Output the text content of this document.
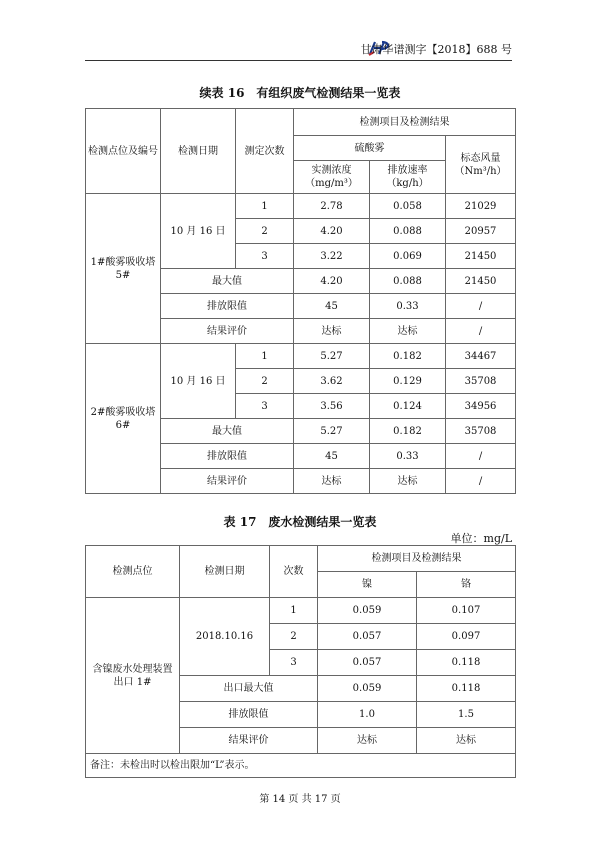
甘肃华谱测字【2018】688 号
续表 16　有组织废气检测结果一览表
检测点位及编号	检测日期	测定次数	检测项目及检测结果		
			硫酸雾		标态风量（Nm³/h）
			实测浓度（mg/m³）	排放速率（kg/h）	
1#酸雾吸收塔 5#	10 月 16 日	1	2.78	0.058	21029
		2	4.20	0.088	20957
		3	3.22	0.069	21450
	最大值		4.20	0.088	21450
	排放限值		45	0.33	/
	结果评价		达标	达标	/
2#酸雾吸收塔 6#	10 月 16 日	1	5.27	0.182	34467
		2	3.62	0.129	35708
		3	3.56	0.124	34956
	最大值		5.27	0.182	35708
	排放限值		45	0.33	/
	结果评价		达标	达标	/
表 17　废水检测结果一览表
单位：mg/L
检测点位	检测日期	次数	检测项目及检测结果	
			镍	铬
含镍废水处理装置出口 1#	2018.10.16	1	0.059	0.107
		2	0.057	0.097
		3	0.057	0.118
	出口最大值		0.059	0.118
	排放限值		1.0	1.5
	结果评价		达标	达标
备注：未检出时以检出限加“L”表示。				
第 14 页 共 17 页
